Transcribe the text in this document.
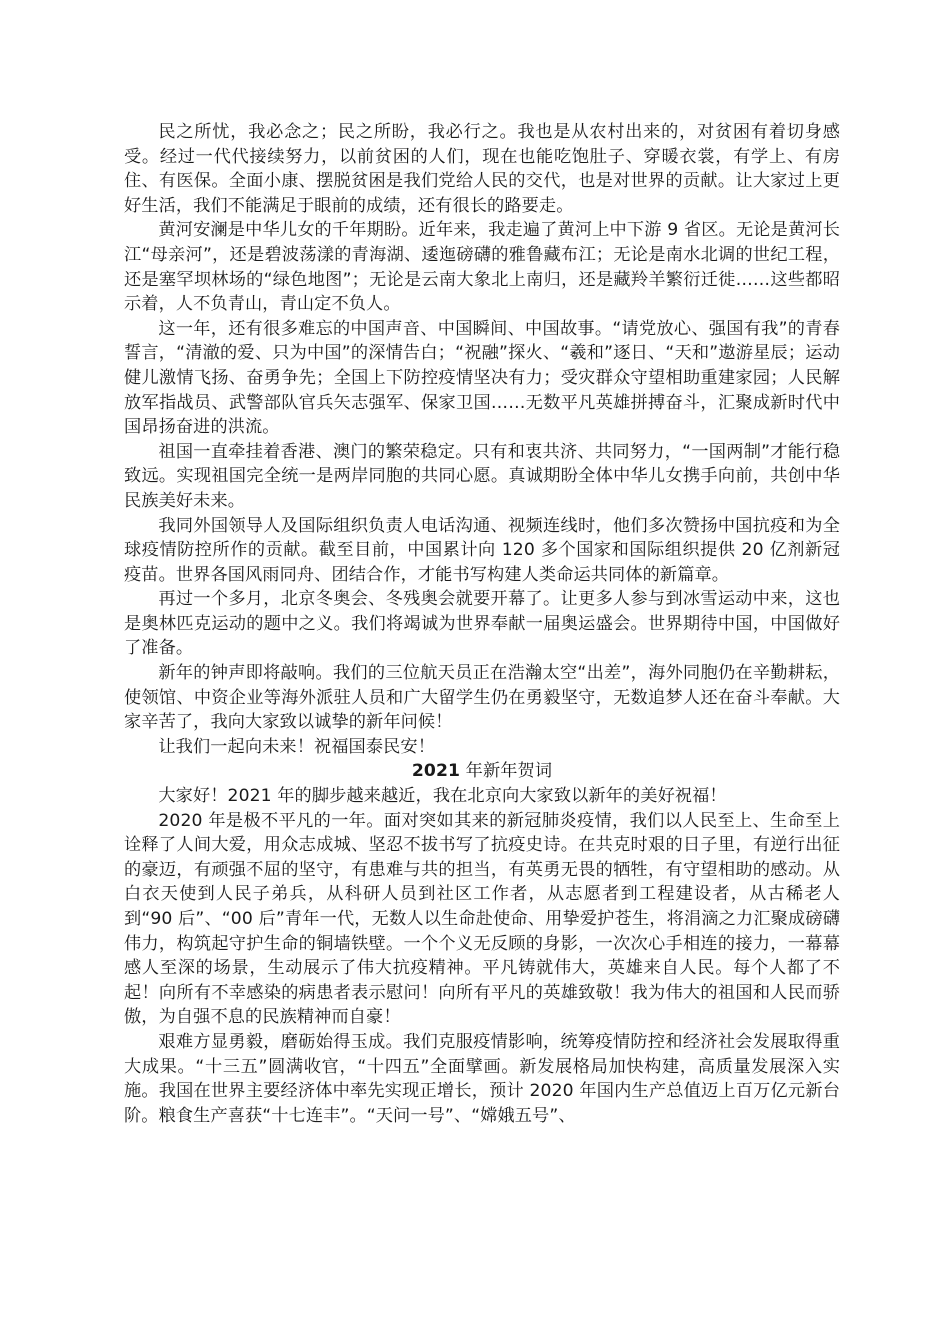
民之所忧，我必念之；民之所盼，我必行之。我也是从农村出来的，对贫困有着切身感受。经过一代代接续努力，以前贫困的人们，现在也能吃饱肚子、穿暖衣裳，有学上、有房住、有医保。全面小康、摆脱贫困是我们党给人民的交代，也是对世界的贡献。让大家过上更好生活，我们不能满足于眼前的成绩，还有很长的路要走。

黄河安澜是中华儿女的千年期盼。近年来，我走遍了黄河上中下游 9 省区。无论是黄河长江“母亲河”，还是碧波荡漾的青海湖、逶迤磅礴的雅鲁藏布江；无论是南水北调的世纪工程，还是塞罕坝林场的“绿色地图”；无论是云南大象北上南归，还是藏羚羊繁衍迁徙……这些都昭示着，人不负青山，青山定不负人。

这一年，还有很多难忘的中国声音、中国瞬间、中国故事。“请党放心、强国有我”的青春誓言，“清澈的爱、只为中国”的深情告白；“祝融”探火、“羲和”逐日、“天和”遨游星辰；运动健儿激情飞扬、奋勇争先；全国上下防控疫情坚决有力；受灾群众守望相助重建家园；人民解放军指战员、武警部队官兵矢志强军、保家卫国……无数平凡英雄拼搏奋斗，汇聚成新时代中国昂扬奋进的洪流。

祖国一直牵挂着香港、澳门的繁荣稳定。只有和衷共济、共同努力，“一国两制”才能行稳致远。实现祖国完全统一是两岸同胞的共同心愿。真诚期盼全体中华儿女携手向前，共创中华民族美好未来。

我同外国领导人及国际组织负责人电话沟通、视频连线时，他们多次赞扬中国抗疫和为全球疫情防控所作的贡献。截至目前，中国累计向 120 多个国家和国际组织提供 20 亿剂新冠疫苗。世界各国风雨同舟、团结合作，才能书写构建人类命运共同体的新篇章。

再过一个多月，北京冬奥会、冬残奥会就要开幕了。让更多人参与到冰雪运动中来，这也是奥林匹克运动的题中之义。我们将竭诚为世界奉献一届奥运盛会。世界期待中国，中国做好了准备。

新年的钟声即将敲响。我们的三位航天员正在浩瀚太空“出差”，海外同胞仍在辛勤耕耘，使领馆、中资企业等海外派驻人员和广大留学生仍在勇毅坚守，无数追梦人还在奋斗奉献。大家辛苦了，我向大家致以诚挚的新年问候！

让我们一起向未来！祝福国泰民安！

2021 年新年贺词

大家好！2021 年的脚步越来越近，我在北京向大家致以新年的美好祝福！

2020 年是极不平凡的一年。面对突如其来的新冠肺炎疫情，我们以人民至上、生命至上诠释了人间大爱，用众志成城、坚忍不拔书写了抗疫史诗。在共克时艰的日子里，有逆行出征的豪迈，有顽强不屈的坚守，有患难与共的担当，有英勇无畏的牺牲，有守望相助的感动。从白衣天使到人民子弟兵，从科研人员到社区工作者，从志愿者到工程建设者，从古稀老人到“90 后”、“00 后”青年一代，无数人以生命赴使命、用挚爱护苍生，将涓滴之力汇聚成磅礴伟力，构筑起守护生命的铜墙铁壁。一个个义无反顾的身影，一次次心手相连的接力，一幕幕感人至深的场景，生动展示了伟大抗疫精神。平凡铸就伟大，英雄来自人民。每个人都了不起！向所有不幸感染的病患者表示慰问！向所有平凡的英雄致敬！我为伟大的祖国和人民而骄傲，为自强不息的民族精神而自豪！

艰难方显勇毅，磨砺始得玉成。我们克服疫情影响，统筹疫情防控和经济社会发展取得重大成果。“十三五”圆满收官，“十四五”全面擘画。新发展格局加快构建，高质量发展深入实施。我国在世界主要经济体中率先实现正增长，预计 2020 年国内生产总值迈上百万亿元新台阶。粮食生产喜获“十七连丰”。“天问一号”、“嫦娥五号”、
